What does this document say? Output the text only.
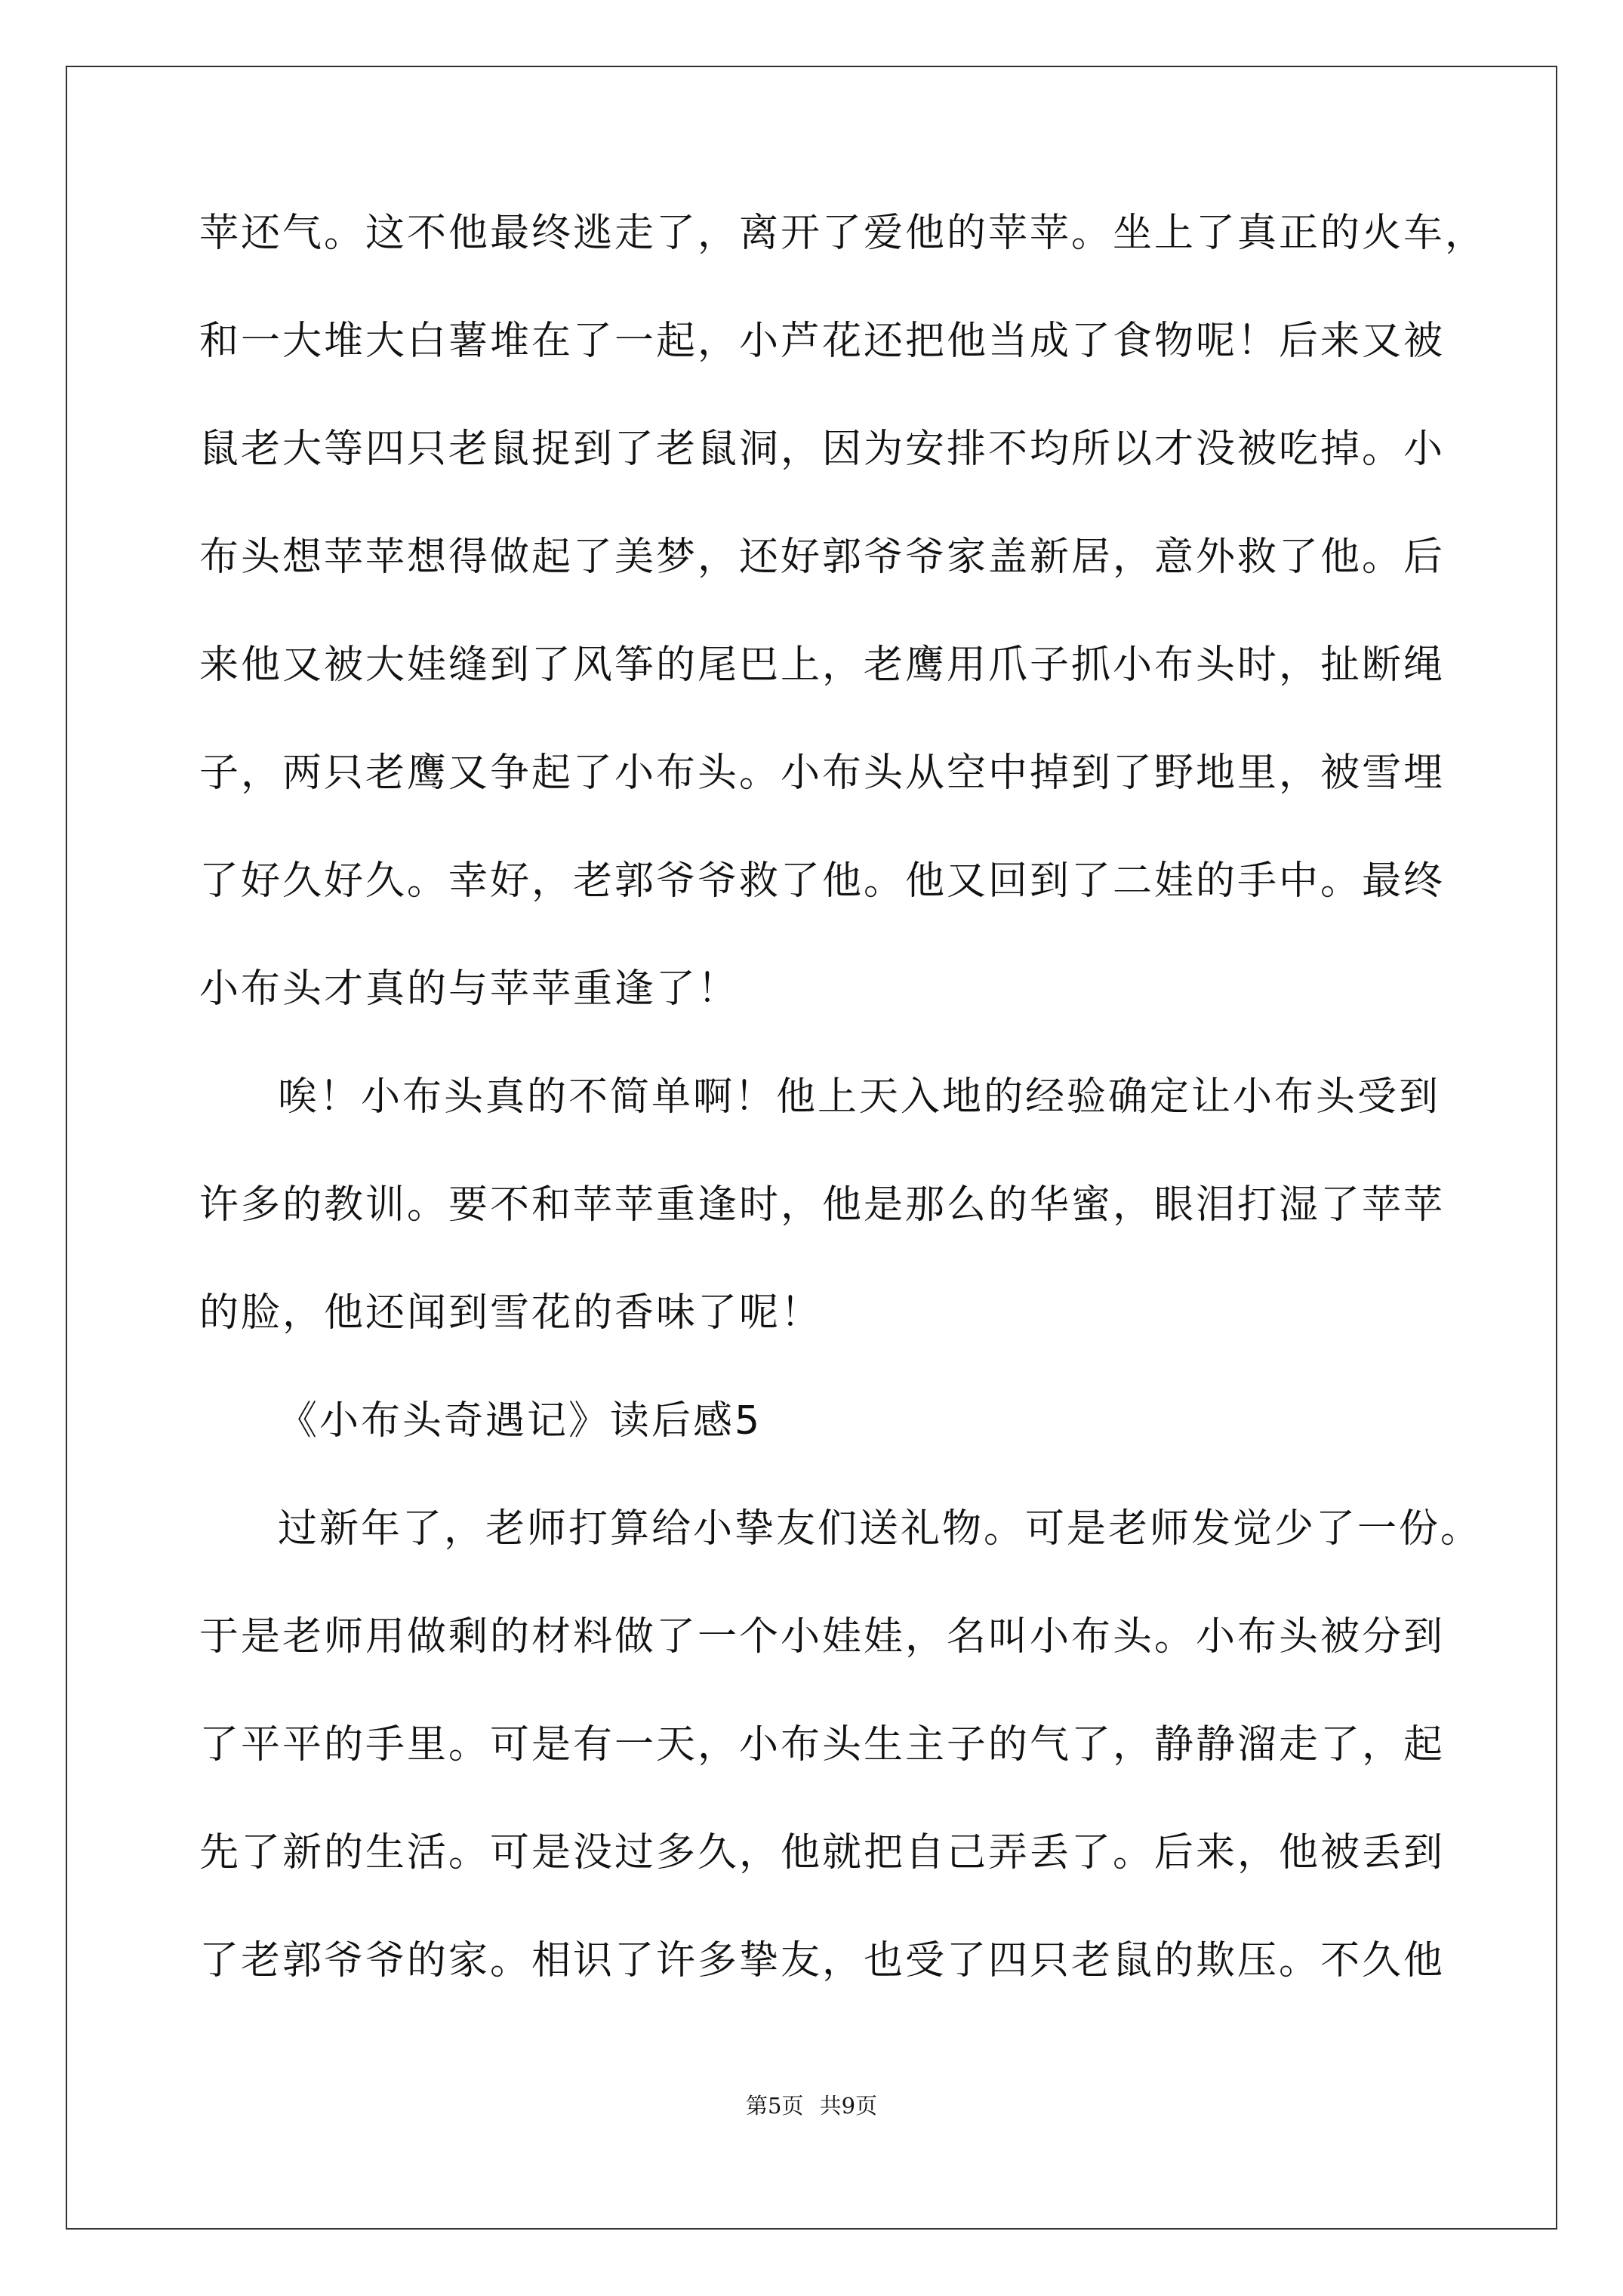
苹还气。这不他最终逃走了，离开了爱他的苹苹。坐上了真正的火车，
和一大堆大白薯堆在了一起，小芦花还把他当成了食物呢！后来又被
鼠老大等四只老鼠捉到了老鼠洞，因为安排不均所以才没被吃掉。小
布头想苹苹想得做起了美梦，还好郭爷爷家盖新居，意外救了他。后
来他又被大娃缝到了风筝的尾巴上，老鹰用爪子抓小布头时，扯断绳
子，两只老鹰又争起了小布头。小布头从空中掉到了野地里，被雪埋
了好久好久。幸好，老郭爷爷救了他。他又回到了二娃的手中。最终
小布头才真的与苹苹重逢了！
唉！小布头真的不简单啊！他上天入地的经验确定让小布头受到
许多的教训。要不和苹苹重逢时，他是那么的华蜜，眼泪打湿了苹苹
的脸，他还闻到雪花的香味了呢！
《小布头奇遇记》读后感5
过新年了，老师打算给小挚友们送礼物。可是老师发觉少了一份。
于是老师用做剩的材料做了一个小娃娃，名叫小布头。小布头被分到
了平平的手里。可是有一天，小布头生主子的气了，静静溜走了，起
先了新的生活。可是没过多久，他就把自己弄丢了。后来，他被丢到
了老郭爷爷的家。相识了许多挚友，也受了四只老鼠的欺压。不久他
第5页 共9页
